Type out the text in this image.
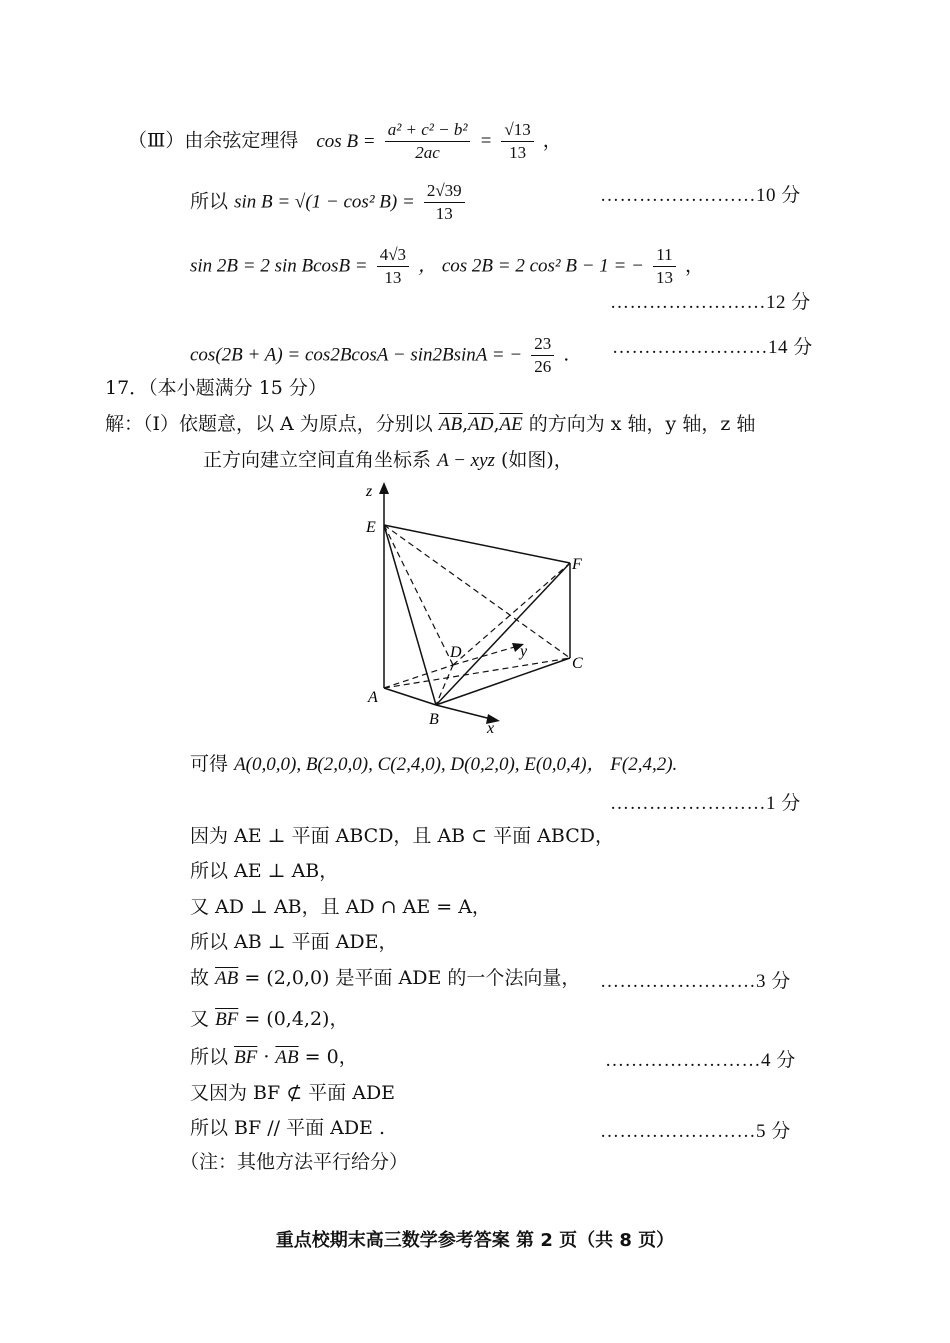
（Ⅲ）由余弦定理得 $\cos B = \frac{\text{a² + c² − b²}}{2ac} = \frac{√13}{13}$ ，
所以 sin B = √(1 − cos² $B) = \frac{2√39}{13}$	……………………10 分
sin 2B = 2 $\sin BcosB = \frac{4√3}{13}$ ， cos 2B = 2 cos² B − 1 = − $\frac{11}{13}$ ，
……………………12 分
cos(2B + A) = cos2BcosA − sin2BsinA = − $\frac{23}{26}$ . ……………………14 分
17．（本小题满分 15 分）
解：（Ⅰ）依题意，以 A 为原点，分别以 $\overline{AB},\overline{AD},\overline{AE}$ 的方向为 x 轴，y 轴，z 轴
正方向建立空间直角坐标系 A − xyz (如图)，
z
E
F
D	y
C
A
B
x
可得 A(0,0,0), B(2,0,0), C(2,4,0), D(0,2,0), E(0,0,4)， F(2,4,2).
……………………1 分
因为 AE ⊥ 平面 ABCD，且 AB ⊂ 平面 ABCD，
所以 AE ⊥ AB，
又 AD ⊥ AB，且 AD ∩ AE = A，
所以 AB ⊥ 平面 ADE，
故 $\overline{AB} = (2,0,0)$ 是平面 ADE 的一个法向量， ……………………3 分
又 $\overline{BF} = (0,4,2)$，
所以 $\overline{BF} \cdot \overline{AB} = 0$，	……………………4 分
又因为 BF ⊄ 平面 ADE
所以 BF // 平面 ADE .	……………………5 分
（注：其他方法平行给分）
重点校期末高三数学参考答案 第 2 页（共 8 页）
